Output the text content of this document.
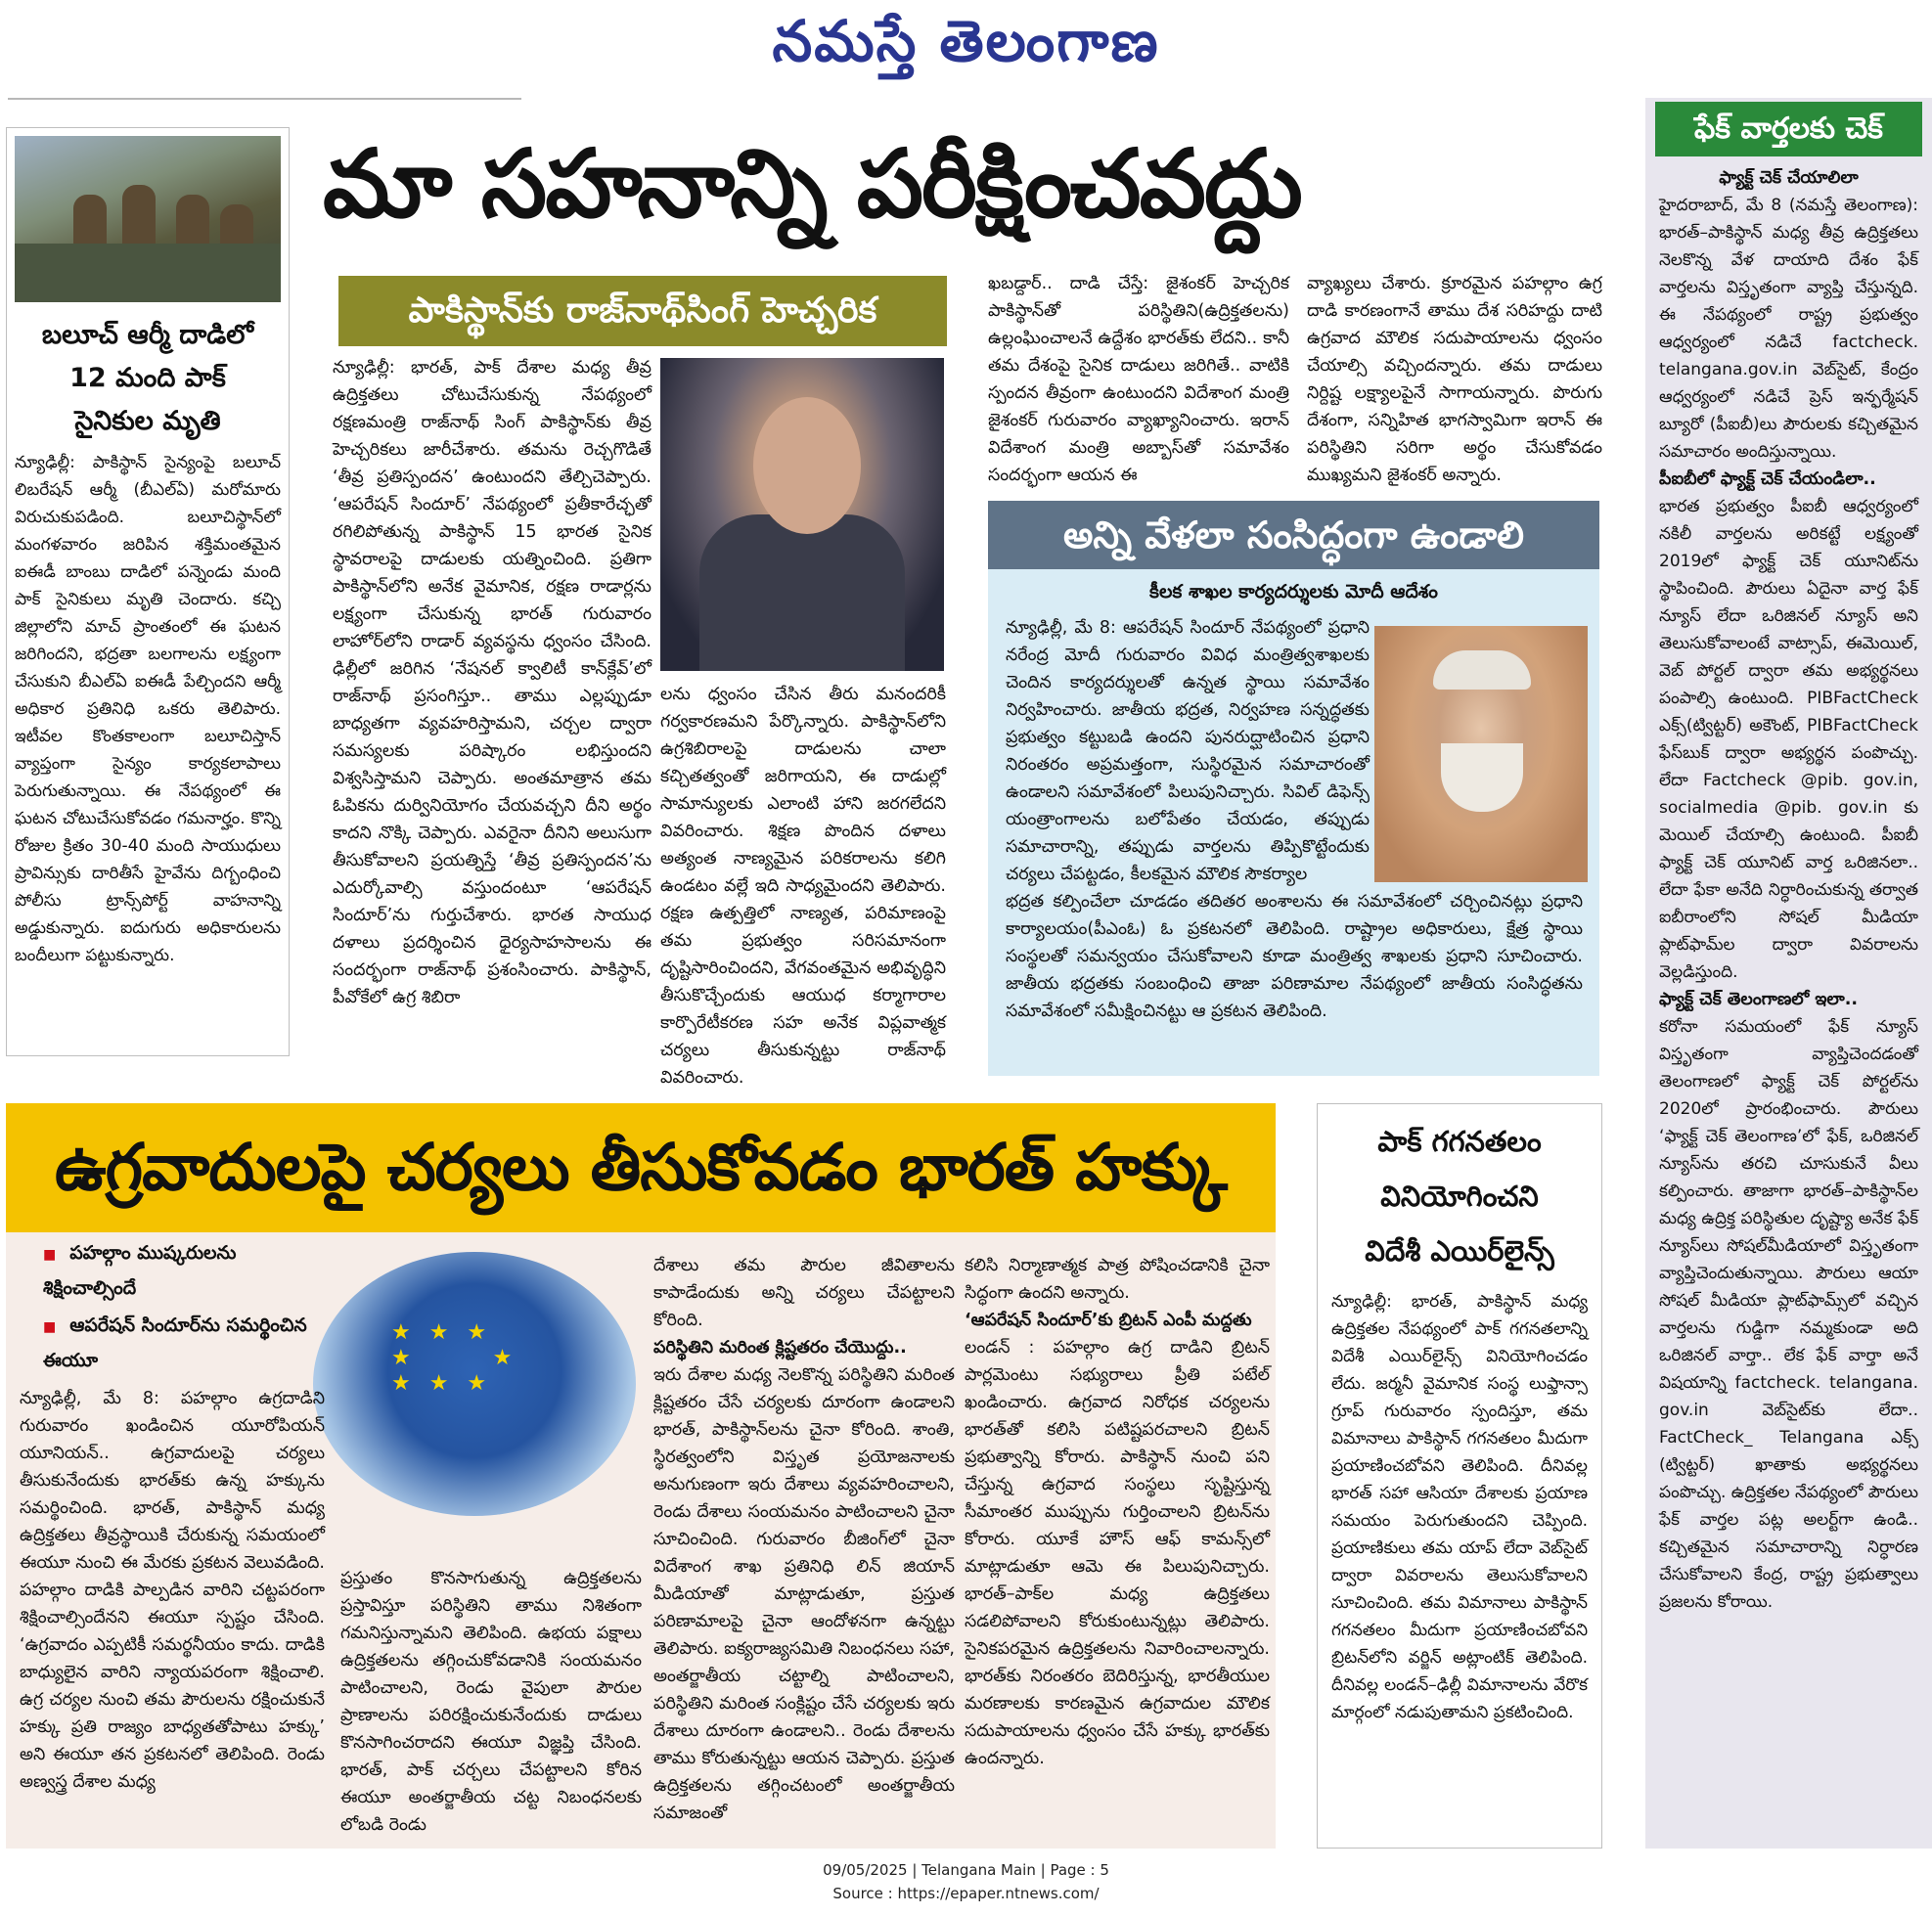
నమస్తే తెలంగాణ
బలూచ్ ఆర్మీ దాడిలో
12 మంది పాక్
సైనికుల మృతి
న్యూఢిల్లీ: పాకిస్థాన్ సైన్యంపై బలూచ్ లిబరేషన్ ఆర్మీ (బీఎల్ఏ) మరోమారు విరుచుకుపడింది. బలూచిస్థాన్‌లో మంగళవారం జరిపిన శక్తిమంతమైన ఐఈడీ బాంబు దాడిలో పన్నెండు మంది పాక్ సైనికులు మృతి చెందారు. కచ్చి జిల్లాలోని మాచ్ ప్రాంతంలో ఈ ఘటన జరిగిందని, భద్రతా బలగాలను లక్ష్యంగా చేసుకుని బీఎల్‌ఏ ఐఈడీ పేల్చిందని ఆర్మీ అధికార ప్రతినిధి ఒకరు తెలిపారు. ఇటీవల కొంతకాలంగా బలూచిస్తాన్ వ్యాప్తంగా సైన్యం కార్యకలాపాలు పెరుగుతున్నాయి. ఈ నేపథ్యంలో ఈ ఘటన చోటుచేసుకోవడం గమనార్హం. కొన్ని రోజుల క్రితం 30-40 మంది సాయుధులు ప్రావిన్సుకు దారితీసే హైవేను దిగ్బంధించి పోలీసు ట్రాన్స్‌పోర్ట్ వాహనాన్ని అడ్డుకున్నారు. ఐదుగురు అధికారులను బందీలుగా పట్టుకున్నారు.
మా సహనాన్ని పరీక్షించవద్దు
పాకిస్థాన్‌కు రాజ్‌నాథ్‌సింగ్ హెచ్చరిక
న్యూఢిల్లీ: భారత్, పాక్ దేశాల మధ్య తీవ్ర ఉద్రిక్తతలు చోటుచేసుకున్న నేపథ్యంలో రక్షణమంత్రి రాజ్‌నాథ్ సింగ్ పాకిస్థాన్‌కు తీవ్ర హెచ్చరికలు జారీచేశారు. తమను రెచ్చగొడితే ‘తీవ్ర ప్రతిస్పందన’ ఉంటుందని తేల్చిచెప్పారు. ‘ఆపరేషన్ సిందూర్’ నేపథ్యంలో ప్రతీకారేచ్ఛతో రగిలిపోతున్న పాకిస్థాన్ 15 భారత సైనిక స్థావరాలపై దాడులకు యత్నించింది. ప్రతిగా పాకిస్థాన్‌లోని అనేక వైమానిక, రక్షణ రాడార్లను లక్ష్యంగా చేసుకున్న భారత్ గురువారం లాహోర్‌లోని రాడార్ వ్యవస్థను ధ్వంసం చేసింది. ఢిల్లీలో జరిగిన ‘నేషనల్ క్వాలిటీ కాన్‌క్లేవ్’లో రాజ్‌నాథ్ ప్రసంగిస్తూ.. తాము ఎల్లప్పుడూ బాధ్యతగా వ్యవహరిస్తామని, చర్చల ద్వారా సమస్యలకు పరిష్కారం లభిస్తుందని విశ్వసిస్తామని చెప్పారు. అంతమాత్రాన తమ ఓపికను దుర్వినియోగం చేయవచ్చని దీని అర్థం కాదని నొక్కి చెప్పారు. ఎవరైనా దీనిని అలుసుగా తీసుకోవాలని ప్రయత్నిస్తే ‘తీవ్ర ప్రతిస్పందన’ను ఎదుర్కోవాల్సి వస్తుందంటూ ‘ఆపరేషన్ సిందూర్’ను గుర్తుచేశారు. భారత సాయుధ దళాలు ప్రదర్శించిన ధైర్యసాహసాలను ఈ సందర్భంగా రాజ్‌నాథ్ ప్రశంసించారు. పాకిస్థాన్, పీవోకేలో ఉగ్ర శిబిరా
లను ధ్వంసం చేసిన తీరు మనందరికీ గర్వకారణమని పేర్కొన్నారు. పాకిస్థాన్‌లోని ఉగ్రశిబిరాలపై దాడులను చాలా కచ్చితత్వంతో జరిగాయని, ఈ దాడుల్లో సామాన్యులకు ఎలాంటి హాని జరగలేదని వివరించారు. శిక్షణ పొందిన దళాలు అత్యంత నాణ్యమైన పరికరాలను కలిగి ఉండటం వల్లే ఇది సాధ్యమైందని తెలిపారు. రక్షణ ఉత్పత్తిలో నాణ్యత, పరిమాణంపై తమ ప్రభుత్వం సరిసమానంగా దృష్టిసారించిందని, వేగవంతమైన అభివృద్ధిని తీసుకొచ్చేందుకు ఆయుధ కర్మాగారాల కార్పొరేటీకరణ సహ అనేక విప్లవాత్మక చర్యలు తీసుకున్నట్టు రాజ్‌నాథ్ వివరించారు.
ఖబడ్దార్.. దాడి చేస్తే: జైశంకర్ హెచ్చరిక పాకిస్థాన్‌తో పరిస్థితిని(ఉద్రిక్తతలను) ఉల్లంఘించాలనే ఉద్దేశం భారత్‌కు లేదని.. కానీ తమ దేశంపై సైనిక దాడులు జరిగితే.. వాటికి స్పందన తీవ్రంగా ఉంటుందని విదేశాంగ మంత్రి జైశంకర్ గురువారం వ్యాఖ్యానించారు. ఇరాన్ విదేశాంగ మంత్రి అబ్బాస్‌తో సమావేశం సందర్భంగా ఆయన ఈ
వ్యాఖ్యలు చేశారు. క్రూరమైన పహల్గాం ఉగ్ర దాడి కారణంగానే తాము దేశ సరిహద్దు దాటి ఉగ్రవాద మౌలిక సదుపాయాలను ధ్వంసం చేయాల్సి వచ్చిందన్నారు. తమ దాడులు నిర్దిష్ట లక్ష్యాలపైనే సాగాయన్నారు. పొరుగు దేశంగా, సన్నిహిత భాగస్వామిగా ఇరాన్ ఈ పరిస్థితిని సరిగా అర్థం చేసుకోవడం ముఖ్యమని జైశంకర్ అన్నారు.
అన్ని వేళలా సంసిద్ధంగా ఉండాలి
కీలక శాఖల కార్యదర్శులకు మోదీ ఆదేశం
న్యూఢిల్లీ, మే 8: ఆపరేషన్ సిందూర్ నేపథ్యంలో ప్రధాని నరేంద్ర మోదీ గురువారం వివిధ మంత్రిత్వశాఖలకు చెందిన కార్యదర్శులతో ఉన్నత స్థాయి సమావేశం నిర్వహించారు. జాతీయ భద్రత, నిర్వహణ సన్నద్ధతకు ప్రభుత్వం కట్టుబడి ఉందని పునరుద్ఘాటించిన ప్రధాని నిరంతరం అప్రమత్తంగా, సుస్థిరమైన సమాచారంతో ఉండాలని సమావేశంలో పిలుపునిచ్చారు. సివిల్ డిఫెన్స్ యంత్రాంగాలను బలోపేతం చేయడం, తప్పుడు సమాచారాన్ని, తప్పుడు వార్తలను తిప్పికొట్టేందుకు చర్యలు చేపట్టడం, కీలకమైన మౌలిక సౌకర్యాల
భద్రత కల్పించేలా చూడడం తదితర అంశాలను ఈ సమావేశంలో చర్చించినట్లు ప్రధాని కార్యాలయం(పీఎంఓ) ఓ ప్రకటనలో తెలిపింది. రాష్ట్రాల అధికారులు, క్షేత్ర స్థాయి సంస్థలతో సమన్వయం చేసుకోవాలని కూడా మంత్రిత్వ శాఖలకు ప్రధాని సూచించారు. జాతీయ భద్రతకు సంబంధించి తాజా పరిణామాల నేపథ్యంలో జాతీయ సంసిద్ధతను సమావేశంలో సమీక్షించినట్టు ఆ ప్రకటన తెలిపింది.
ఫేక్ వార్తలకు చెక్
ఫ్యాక్ట్ చెక్ చేయాలిలా
హైదరాబాద్, మే 8 (నమస్తే తెలంగాణ): భారత్–పాకిస్థాన్ మధ్య తీవ్ర ఉద్రిక్తతలు నెలకొన్న వేళ దాయాది దేశం ఫేక్ వార్తలను విస్తృతంగా వ్యాప్తి చేస్తున్నది. ఈ నేపథ్యంలో రాష్ట్ర ప్రభుత్వం ఆధ్వర్యంలో నడిచే factcheck. telangana.gov.in వెబ్‌సైట్, కేంద్రం ఆధ్వర్యంలో నడిచే ప్రెస్ ఇన్ఫర్మేషన్ బ్యూరో (పీఐబీ)లు పౌరులకు కచ్చితమైన సమాచారం అందిస్తున్నాయి.
పీఐబీలో ఫ్యాక్ట్ చెక్ చేయండిలా..
భారత ప్రభుత్వం పీఐబీ ఆధ్వర్యంలో నకిలీ వార్తలను అరికట్టే లక్ష్యంతో 2019లో ఫ్యాక్ట్ చెక్ యూనిట్‌ను స్థాపించింది. పౌరులు ఏదైనా వార్త ఫేక్ న్యూస్ లేదా ఒరిజినల్ న్యూస్ అని తెలుసుకోవాలంటే వాట్సాప్, ఈమెయిల్, వెబ్ పోర్టల్ ద్వారా తమ అభ్యర్థనలు పంపాల్సి ఉంటుంది. PIBFactCheck ఎక్స్(ట్విట్టర్) అకౌంట్, PIBFactCheck ఫేస్‌బుక్ ద్వారా అభ్యర్థన పంపొచ్చు. లేదా Factcheck @pib. gov.in, socialmedia @pib. gov.in కు మెయిల్ చేయాల్సి ఉంటుంది. పీఐబీ ఫ్యాక్ట్ చెక్ యూనిట్ వార్త ఒరిజినలా.. లేదా ఫేకా అనేది నిర్ధారించుకున్న తర్వాత ఐబీరాంలోని సోషల్ మీడియా ప్లాట్‌ఫామ్‌ల ద్వారా వివరాలను వెల్లడిస్తుంది.
ఫ్యాక్ట్ చెక్ తెలంగాణలో ఇలా..
కరోనా సమయంలో ఫేక్ న్యూస్ విస్తృతంగా వ్యాప్తిచెందడంతో తెలంగాణలో ఫ్యాక్ట్ చెక్ పోర్టల్‌ను 2020లో ప్రారంభించారు. పౌరులు ‘ఫ్యాక్ట్ చెక్ తెలంగాణ’లో ఫేక్, ఒరిజినల్ న్యూస్‌ను తరచి చూసుకునే వీలు కల్పించారు. తాజాగా భారత్–పాకిస్థాన్‌ల మధ్య ఉద్రిక్త పరిస్థితుల దృష్ట్యా అనేక ఫేక్ న్యూస్‌లు సోషల్‌మీడియాలో విస్తృతంగా వ్యాప్తిచెందుతున్నాయి. పౌరులు ఆయా సోషల్ మీడియా ప్లాట్‌ఫామ్స్‌లో వచ్చిన వార్తలను గుడ్డిగా నమ్మకుండా అది ఒరిజినల్ వార్తా.. లేక ఫేక్ వార్తా అనే విషయాన్ని factcheck. telangana. gov.in వెబ్‌సైట్‌కు లేదా.. FactCheck_ Telangana ఎక్స్ (ట్విట్టర్) ఖాతాకు అభ్యర్థనలు పంపొచ్చు. ఉద్రిక్తతల నేపథ్యంలో పౌరులు ఫేక్ వార్తల పట్ల అలర్ట్‌గా ఉండి.. కచ్చితమైన సమాచారాన్ని నిర్ధారణ చేసుకోవాలని కేంద్ర, రాష్ట్ర ప్రభుత్వాలు ప్రజలను కోరాయి.
ఉగ్రవాదులపై చర్యలు తీసుకోవడం భారత్ హక్కు
■ పహల్గాం ముష్కరులను శిక్షించాల్సిందే
■ ఆపరేషన్ సిందూర్‌ను సమర్థించిన ఈయూ
★ ★ ★
★      ★
★ ★ ★
న్యూఢిల్లీ, మే 8: పహల్గాం ఉగ్రదాడిని గురువారం ఖండించిన యూరోపియన్ యూనియన్.. ఉగ్రవాదులపై చర్యలు తీసుకునేందుకు భారత్‌కు ఉన్న హక్కును సమర్థించింది. భారత్, పాకిస్థాన్ మధ్య ఉద్రిక్తతలు తీవ్రస్థాయికి చేరుకున్న సమయంలో ఈయూ నుంచి ఈ మేరకు ప్రకటన వెలువడింది. పహల్గాం దాడికి పాల్పడిన వారిని చట్టపరంగా శిక్షించాల్సిందేనని ఈయూ స్పష్టం చేసింది. ‘ఉగ్రవాదం ఎప్పటికీ సమర్థనీయం కాదు. దాడికి బాధ్యులైన వారిని న్యాయపరంగా శిక్షించాలి. ఉగ్ర చర్యల నుంచి తమ పౌరులను రక్షించుకునే హక్కు ప్రతి రాజ్యం బాధ్యతతోపాటు హక్కు’ అని ఈయూ తన ప్రకటనలో తెలిపింది. రెండు అణ్వస్త్ర దేశాల మధ్య
ప్రస్తుతం కొనసాగుతున్న ఉద్రిక్తతలను ప్రస్తావిస్తూ పరిస్థితిని తాము నిశితంగా గమనిస్తున్నామని తెలిపింది. ఉభయ పక్షాలు ఉద్రిక్తతలను తగ్గించుకోవడానికి సంయమనం పాటించాలని, రెండు వైపులా పౌరుల ప్రాణాలను పరిరక్షించుకునేందుకు దాడులు కొనసాగించరాదని ఈయూ విజ్ఞప్తి చేసింది. భారత్, పాక్ చర్చలు చేపట్టాలని కోరిన ఈయూ అంతర్జాతీయ చట్ట నిబంధనలకు లోబడి రెండు
దేశాలు తమ పౌరుల జీవితాలను కాపాడేందుకు అన్ని చర్యలు చేపట్టాలని కోరింది.
పరిస్థితిని మరింత క్లిష్టతరం చేయొద్దు..
ఇరు దేశాల మధ్య నెలకొన్న పరిస్థితిని మరింత క్లిష్టతరం చేసే చర్యలకు దూరంగా ఉండాలని భారత్, పాకిస్థాన్‌లను చైనా కోరింది. శాంతి, స్థిరత్వంలోని విస్తృత ప్రయోజనాలకు అనుగుణంగా ఇరు దేశాలు వ్యవహరించాలని, రెండు దేశాలు సంయమనం పాటించాలని చైనా సూచించింది. గురువారం బీజింగ్‌లో చైనా విదేశాంగ శాఖ ప్రతినిధి లిన్ జియాన్ మీడియాతో మాట్లాడుతూ, ప్రస్తుత పరిణామాలపై చైనా ఆందోళనగా ఉన్నట్టు తెలిపారు. ఐక్యరాజ్యసమితి నిబంధనలు సహా, అంతర్జాతీయ చట్టాల్ని పాటించాలని, పరిస్థితిని మరింత సంక్లిష్టం చేసే చర్యలకు ఇరు దేశాలు దూరంగా ఉండాలని.. రెండు దేశాలను తాము కోరుతున్నట్టు ఆయన చెప్పారు. ప్రస్తుత ఉద్రిక్తతలను తగ్గించటంలో అంతర్జాతీయ సమాజంతో
కలిసి నిర్మాణాత్మక పాత్ర పోషించడానికి చైనా సిద్ధంగా ఉందని అన్నారు.
‘ఆపరేషన్ సిందూర్’కు బ్రిటన్ ఎంపీ మద్దతు
లండన్ : పహల్గాం ఉగ్ర దాడిని బ్రిటన్ పార్లమెంటు సభ్యురాలు ప్రీతి పటేల్ ఖండించారు. ఉగ్రవాద నిరోధక చర్యలను భారత్‌తో కలిసి పటిష్టపరచాలని బ్రిటన్ ప్రభుత్వాన్ని కోరారు. పాకిస్థాన్ నుంచి పని చేస్తున్న ఉగ్రవాద సంస్థలు సృష్టిస్తున్న సీమాంతర ముప్పును గుర్తించాలని బ్రిటన్‌ను కోరారు. యూకే హౌస్ ఆఫ్ కామన్స్‌లో మాట్లాడుతూ ఆమె ఈ పిలుపునిచ్చారు. భారత్–పాక్‌ల మధ్య ఉద్రిక్తతలు సడలిపోవాలని కోరుకుంటున్నట్లు తెలిపారు. సైనికపరమైన ఉద్రిక్తతలను నివారించాలన్నారు. భారత్‌కు నిరంతరం బెదిరిస్తున్న, భారతీయుల మరణాలకు కారణమైన ఉగ్రవాదుల మౌలిక సదుపాయాలను ధ్వంసం చేసే హక్కు భారత్‌కు ఉందన్నారు.
పాక్ గగనతలం
వినియోగించని
విదేశీ ఎయిర్‌లైన్స్
న్యూఢిల్లీ: భారత్, పాకిస్థాన్ మధ్య ఉద్రిక్తతల నేపథ్యంలో పాక్ గగనతలాన్ని విదేశీ ఎయిర్‌లైన్స్ వినియోగించడం లేదు. జర్మనీ వైమానిక సంస్థ లుఫ్తాన్సా గ్రూప్ గురువారం స్పందిస్తూ, తమ విమానాలు పాకిస్థాన్ గగనతలం మీదుగా ప్రయాణించబోవని తెలిపింది. దీనివల్ల భారత్ సహా ఆసియా దేశాలకు ప్రయాణ సమయం పెరుగుతుందని చెప్పింది. ప్రయాణికులు తమ యాప్ లేదా వెబ్‌సైట్ ద్వారా వివరాలను తెలుసుకోవాలని సూచించింది. తమ విమానాలు పాకిస్థాన్ గగనతలం మీదుగా ప్రయాణించబోవని బ్రిటన్‌లోని వర్జిన్ అట్లాంటిక్ తెలిపింది. దీనివల్ల లండన్–ఢిల్లీ విమానాలను వేరొక మార్గంలో నడుపుతామని ప్రకటించింది.
09/05/2025 | Telangana Main | Page : 5
Source : https://epaper.ntnews.com/
